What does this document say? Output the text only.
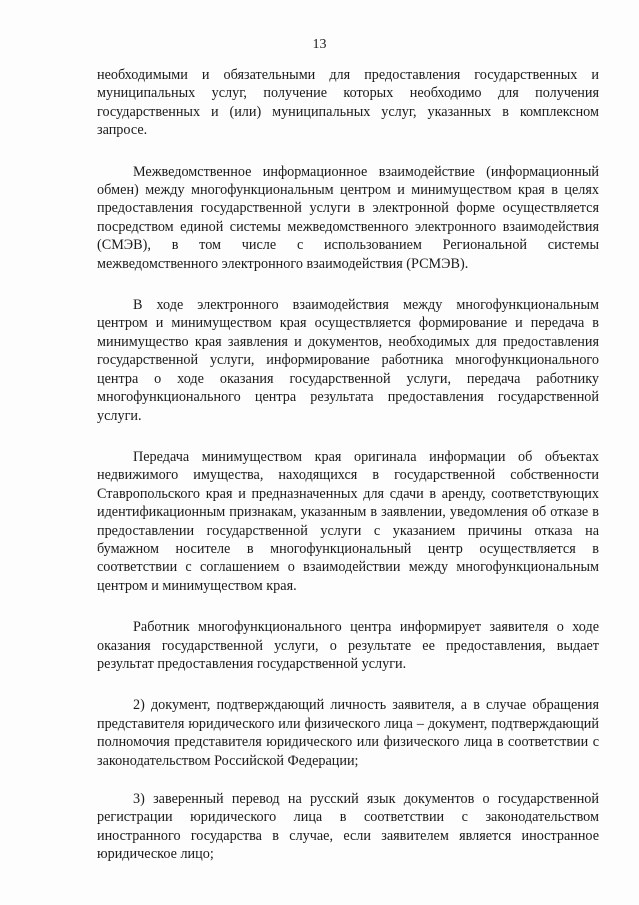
13

необходимыми и обязательными для предоставления государственных и муниципальных услуг, получение которых необходимо для получения государственных и (или) муниципальных услуг, указанных в комплексном запросе.

Межведомственное информационное взаимодействие (информационный обмен) между многофункциональным центром и минимуществом края в целях предоставления государственной услуги в электронной форме осуществляется посредством единой системы межведомственного электронного взаимодействия (СМЭВ), в том числе с использованием Региональной системы межведомственного электронного взаимодействия (РСМЭВ).

В ходе электронного взаимодействия между многофункциональным центром и минимуществом края осуществляется формирование и передача в минимущество края заявления и документов, необходимых для предоставления государственной услуги, информирование работника многофункционального центра о ходе оказания государственной услуги, передача работнику многофункционального центра результата предоставления государственной услуги.

Передача минимуществом края оригинала информации об объектах недвижимого имущества, находящихся в государственной собственности Ставропольского края и предназначенных для сдачи в аренду, соответствующих идентификационным признакам, указанным в заявлении, уведомления об отказе в предоставлении государственной услуги с указанием причины отказа на бумажном носителе в многофункциональный центр осуществляется в соответствии с соглашением о взаимодействии между многофункциональным центром и минимуществом края.

Работник многофункционального центра информирует заявителя о ходе оказания государственной услуги, о результате ее предоставления, выдает результат предоставления государственной услуги.

2) документ, подтверждающий личность заявителя, а в случае обращения представителя юридического или физического лица – документ, подтверждающий полномочия представителя юридического или физического лица в соответствии с законодательством Российской Федерации;

3) заверенный перевод на русский язык документов о государственной регистрации юридического лица в соответствии с законодательством иностранного государства в случае, если заявителем является иностранное юридическое лицо;
